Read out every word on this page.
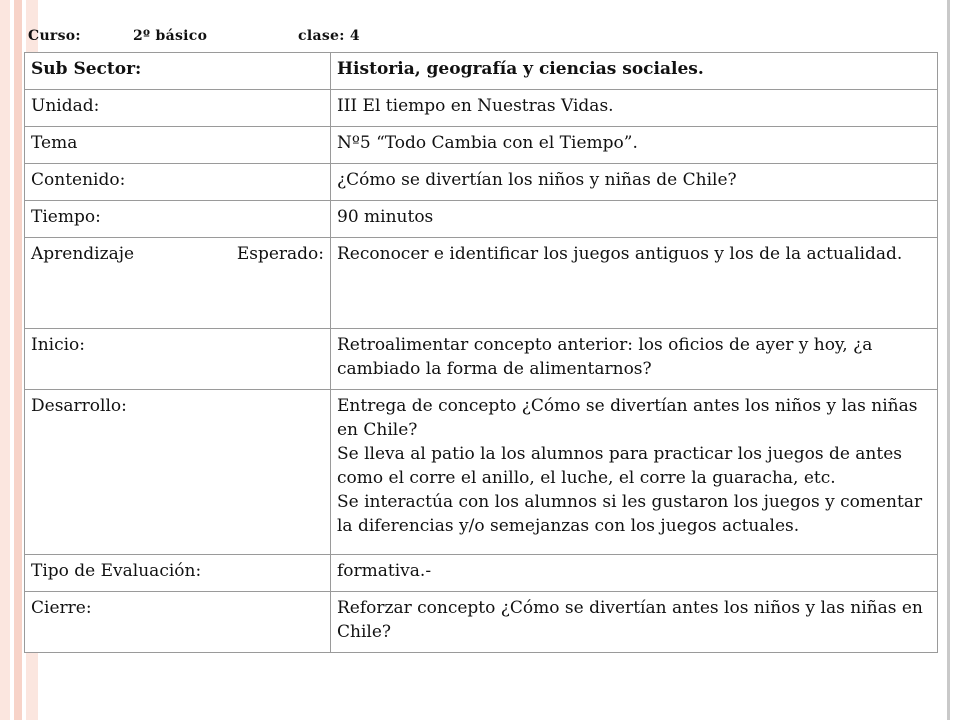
Curso:	2º básico	clase: 4
Sub Sector:	Historia, geografía y ciencias sociales.
Unidad:	III El tiempo en Nuestras Vidas.
Tema	Nº5 “Todo Cambia con el Tiempo”.
Contenido:	¿Cómo se divertían los niños y niñas de Chile?
Tiempo:	90 minutos

Aprendizaje Esperado:	Reconocer e identificar los juegos antiguos y los de la actualidad.
Inicio:	Retroalimentar concepto anterior: los oficios de ayer y hoy, ¿a cambiado la forma de alimentarnos?
Desarrollo:	Entrega de concepto ¿Cómo se divertían antes los niños y las niñas en Chile?
Se lleva al patio la los alumnos para practicar los juegos de antes como el corre el anillo, el luche, el corre la guaracha, etc.
Se interactúa con los alumnos si les gustaron los juegos y comentar la diferencias y/o semejanzas con los juegos actuales.

Tipo de Evaluación:	formativa.-
Cierre:	Reforzar concepto ¿Cómo se divertían antes los niños y las niñas en Chile?
